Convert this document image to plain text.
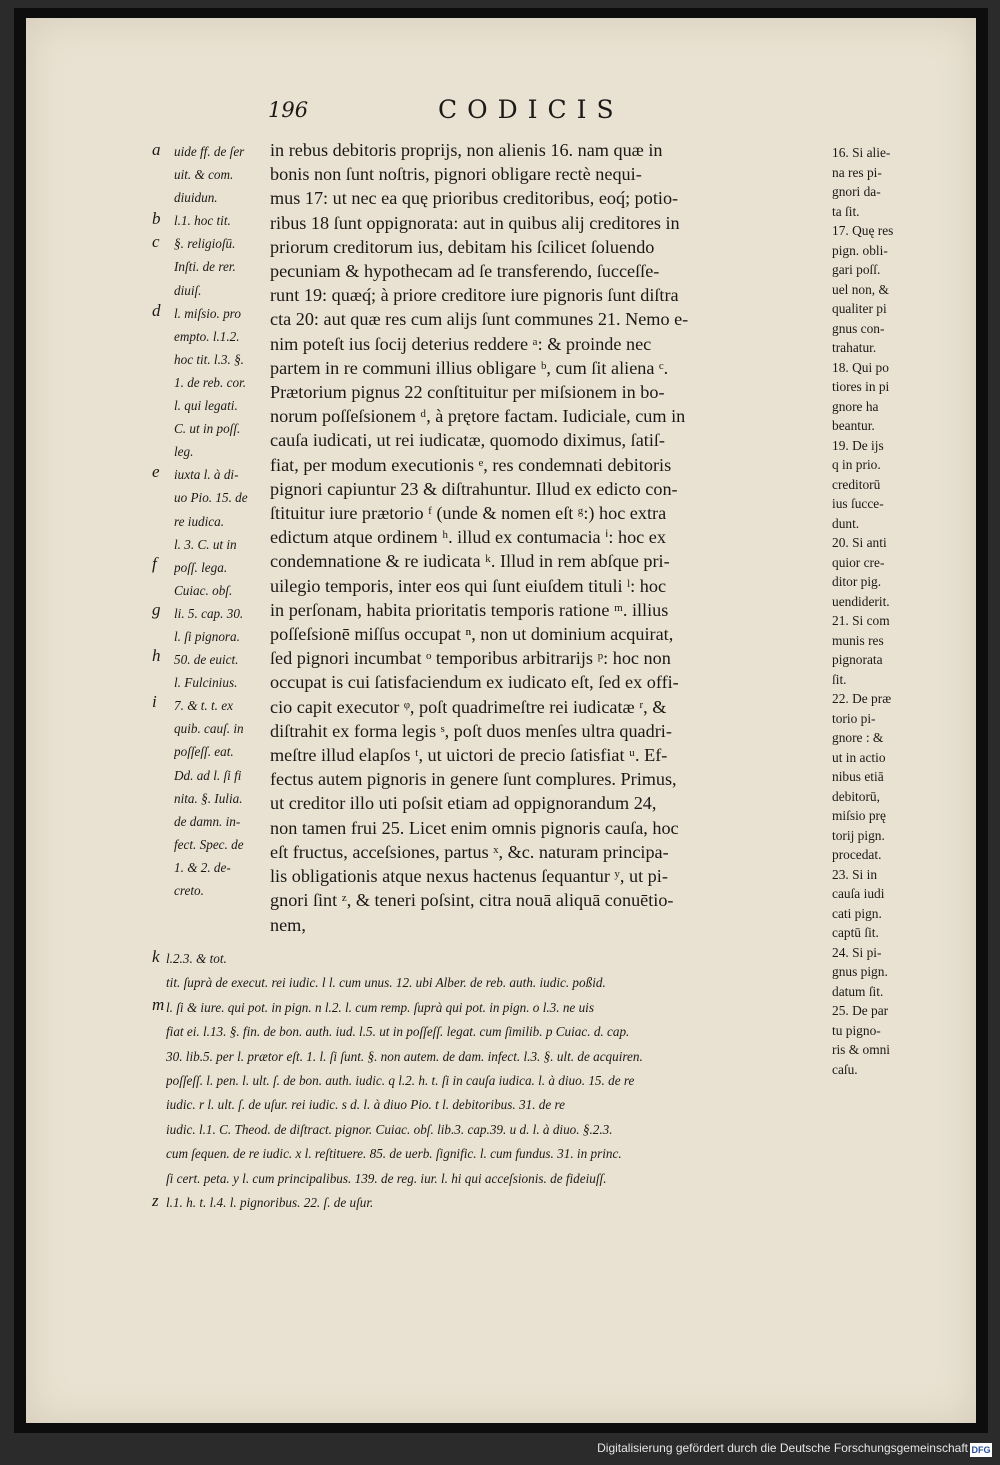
196	CODICIS
a
b
c
d
e
f
g
h
i
uide ff. de ſer
uit. & com.
diuidun.
l.1. hoc tit.
§. religioſū.
Inſti. de rer.
diuiſ.
l. miſsio. pro
empto. l.1.2.
hoc tit. l.3. §.
1. de reb. cor.
l. qui legati.
C. ut in poſſ.
leg.
iuxta l. à di-
uo Pio. 15. de
re iudica.
l. 3. C. ut in
poſſ. lega.
Cuiac. obſ.
li. 5. cap. 30.
l. ſi pignora.
50. de euict.
l. Fulcinius.
7. & t. t. ex
quib. cauſ. in
poſſeſſ. eat.
Dd. ad l. ſi fi
nita. §. Iulia.
de damn. in-
fect. Spec. de
1. & 2. de-
creto.
in rebus debitoris proprijs, non alienis 16. nam quæ in
bonis non ſunt noſtris, pignori obligare rectè nequi-
mus 17: ut nec ea quę prioribus creditoribus, eoq́; potio-
ribus 18 ſunt oppignorata: aut in quibus alij creditores in
priorum creditorum ius, debitam his ſcilicet ſoluendo
pecuniam & hypothecam ad ſe transferendo, ſucceſſe-
runt 19: quæq́; à priore creditore iure pignoris ſunt diſtra
cta 20: aut quæ res cum alijs ſunt communes 21. Nemo e-
nim poteſt ius ſocij deterius reddere ᵃ: & proinde nec
partem in re communi illius obligare ᵇ, cum ſit aliena ᶜ.
Prætorium pignus 22 conſtituitur per miſsionem in bo-
norum poſſeſsionem ᵈ, à prętore factam. Iudiciale, cum in
cauſa iudicati, ut rei iudicatæ, quomodo diximus, ſatiſ-
fiat, per modum executionis ᵉ, res condemnati debitoris
pignori capiuntur 23 & diſtrahuntur. Illud ex edicto con-
ſtituitur iure prætorio ᶠ (unde & nomen eſt ᵍ:) hoc extra
edictum atque ordinem ʰ. illud ex contumacia ⁱ: hoc ex
condemnatione & re iudicata ᵏ. Illud in rem abſque pri-
uilegio temporis, inter eos qui ſunt eiuſdem tituli ˡ: hoc
in perſonam, habita prioritatis temporis ratione ᵐ. illius
poſſeſsionē miſſus occupat ⁿ, non ut dominium acquirat,
ſed pignori incumbat ᵒ temporibus arbitrarijs ᵖ: hoc non
occupat is cui ſatisfaciendum ex iudicato eſt, ſed ex offi-
cio capit executor ᵠ, poſt quadrimeſtre rei iudicatæ ʳ, &
diſtrahit ex forma legis ˢ, poſt duos menſes ultra quadri-
meſtre illud elapſos ᵗ, ut uictori de precio ſatisfiat ᵘ. Ef-
fectus autem pignoris in genere ſunt complures. Primus,
ut creditor illo uti poſsit etiam ad oppignorandum 24,
non tamen frui 25. Licet enim omnis pignoris cauſa, hoc
eſt fructus, acceſsiones, partus ˣ, &c. naturam principa-
lis obligationis atque nexus hactenus ſequantur ʸ, ut pi-
gnori ſint ᶻ, & teneri poſsint, citra nouā aliquā conuētio-
nem,
16. Si alie-
na res pi-
gnori da-
ta ſit.
17. Quę res
pign. obli-
gari poſſ.
uel non, &
qualiter pi
gnus con-
trahatur.
18. Qui po
tiores in pi
gnore ha
beantur.
19. De ijs
q in prio.
creditorū
ius ſucce-
dunt.
20. Si anti
quior cre-
ditor pig.
uendiderit.
21. Si com
munis res
pignorata
ſit.
22. De præ
torio pi-
gnore : &
ut in actio
nibus etiā
debitorū,
miſsio prę
torij pign.
procedat.
23. Si in
cauſa iudi
cati pign.
captū ſit.
24. Si pi-
gnus pign.
datum ſit.
25. De par
tu pigno-
ris & omni
caſu.
k
m
z
l.2.3. & tot.
tit. ſuprà de execut. rei iudic. l l. cum unus. 12. ubi Alber. de reb. auth. iudic. poßid.
l. ſi & iure. qui pot. in pign. n l.2. l. cum remp. ſuprà qui pot. in pign. o l.3. ne uis
fiat ei. l.13. §. fin. de bon. auth. iud. l.5. ut in poſſeſſ. legat. cum ſimilib. p Cuiac. d. cap.
30. lib.5. per l. prætor eſt. 1. l. ſi ſunt. §. non autem. de dam. infect. l.3. §. ult. de acquiren.
poſſeſſ. l. pen. l. ult. ſ. de bon. auth. iudic. q l.2. h. t. ſi in cauſa iudica. l. à diuo. 15. de re
iudic. r l. ult. ſ. de uſur. rei iudic. s d. l. à diuo Pio. t l. debitoribus. 31. de re
iudic. l.1. C. Theod. de diſtract. pignor. Cuiac. obſ. lib.3. cap.39. u d. l. à diuo. §.2.3.
cum ſequen. de re iudic. x l. reſtituere. 85. de uerb. ſignific. l. cum fundus. 31. in princ.
ſi cert. peta. y l. cum principalibus. 139. de reg. iur. l. hi qui acceſsionis. de fideiuſſ.
l.1. h. t. l.4. l. pignoribus. 22. ſ. de uſur.
Digitalisierung gefördert durch die Deutsche Forschungsgemeinschaft DFG
